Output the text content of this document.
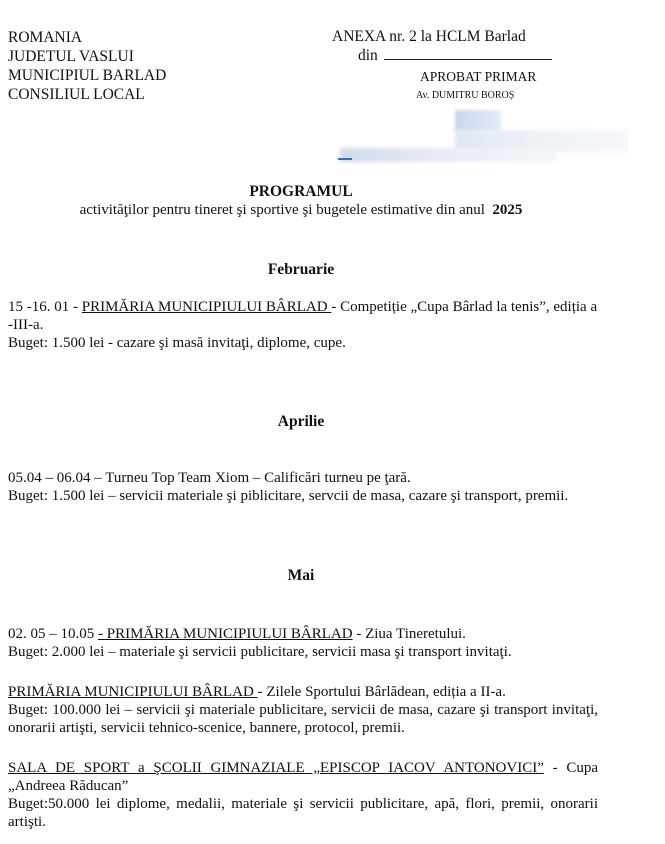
ROMANIA
JUDETUL VASLUI
MUNICIPIUL BARLAD
CONSILIUL LOCAL
ANEXA nr. 2 la HCLM Barlad
din
APROBAT PRIMAR
Av. DUMITRU BOROȘ
PROGRAMUL
activităţilor pentru tineret şi sportive şi bugetele estimative din anul 2025
Februarie

15 -16. 01 - PRIMĂRIA MUNICIPIULUI BÂRLAD - Competiție „Cupa Bârlad la tenis”, ediția a -III-a.

Buget: 1.500 lei - cazare şi masă invitaţi, diplome, cupe.

Aprilie

05.04 – 06.04 – Turneu Top Team Xiom – Calificări turneu pe ţară.

Buget: 1.500 lei – servicii materiale şi piblicitare, servcii de masa, cazare şi transport, premii.

Mai

02. 05 – 10.05 - PRIMĂRIA MUNICIPIULUI BÂRLAD - Ziua Tineretului.

Buget: 2.000 lei – materiale şi servicii publicitare, servicii masa şi transport invitaţi.

PRIMĂRIA MUNICIPIULUI BÂRLAD - Zilele Sportului Bârlădean, ediția a II-a.

Buget: 100.000 lei – servicii şi materiale publicitare, servicii de masa, cazare şi transport invitaţi, onorarii artişti, servicii tehnico-scenice, bannere, protocol, premii.

SALA DE SPORT a ŞCOLII GIMNAZIALE „EPISCOP IACOV ANTONOVICI” - Cupa „Andreea Răducan”

Buget:50.000 lei diplome, medalii, materiale şi servicii publicitare, apă, flori, premii, onorarii artişti.
